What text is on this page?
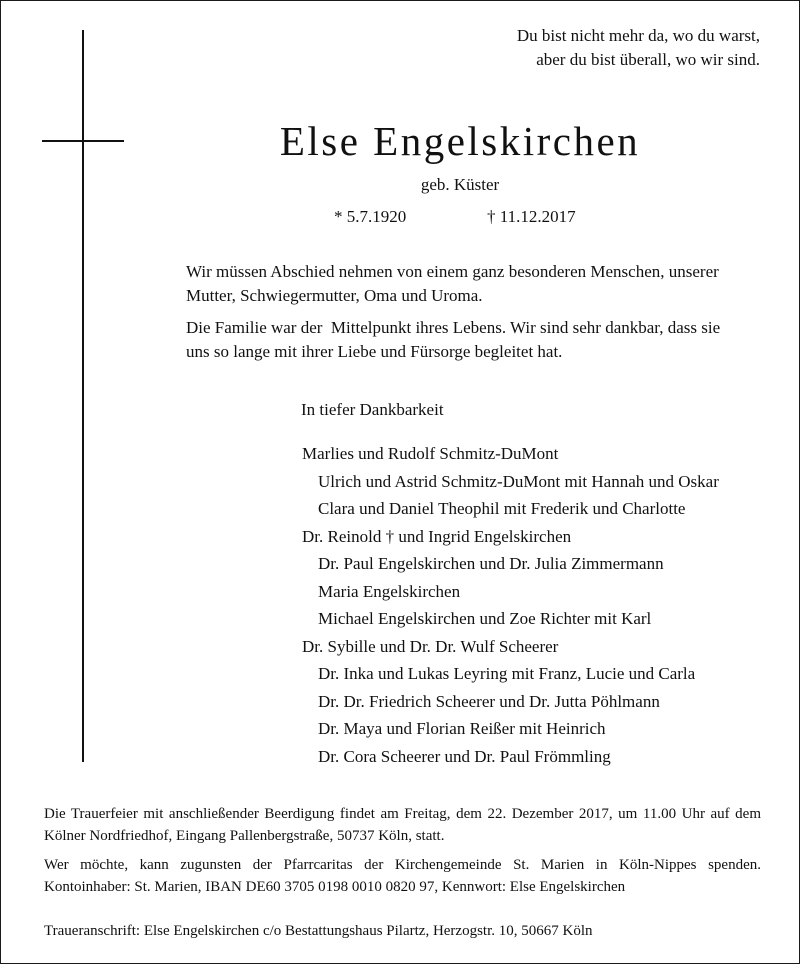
Du bist nicht mehr da, wo du warst,
aber du bist überall, wo wir sind.
Else Engelskirchen
geb. Küster
* 5.7.1920	† 11.12.2017
Wir müssen Abschied nehmen von einem ganz besonderen Menschen, unserer
Mutter, Schwiegermutter, Oma und Uroma.
Die Familie war der  Mittelpunkt ihres Lebens. Wir sind sehr dankbar, dass sie
uns so lange mit ihrer Liebe und Fürsorge begleitet hat.
In tiefer Dankbarkeit
Marlies und Rudolf Schmitz-DuMont
Ulrich und Astrid Schmitz-DuMont mit Hannah und Oskar
Clara und Daniel Theophil mit Frederik und Charlotte
Dr. Reinold † und Ingrid Engelskirchen
Dr. Paul Engelskirchen und Dr. Julia Zimmermann
Maria Engelskirchen
Michael Engelskirchen und Zoe Richter mit Karl
Dr. Sybille und Dr. Dr. Wulf Scheerer
Dr. Inka und Lukas Leyring mit Franz, Lucie und Carla
Dr. Dr. Friedrich Scheerer und Dr. Jutta Pöhlmann
Dr. Maya und Florian Reißer mit Heinrich
Dr. Cora Scheerer und Dr. Paul Frömmling
Die Trauerfeier mit anschließender Beerdigung findet am Freitag, dem 22. Dezember 2017, um 11.00 Uhr auf dem
Kölner Nordfriedhof, Eingang Pallenbergstraße, 50737 Köln, statt.
Wer möchte, kann zugunsten der Pfarrcaritas der Kirchengemeinde St. Marien in Köln-Nippes spenden.
Kontoinhaber: St. Marien, IBAN DE60 3705 0198 0010 0820 97, Kennwort: Else Engelskirchen
Traueranschrift: Else Engelskirchen c/o Bestattungshaus Pilartz, Herzogstr. 10, 50667 Köln
